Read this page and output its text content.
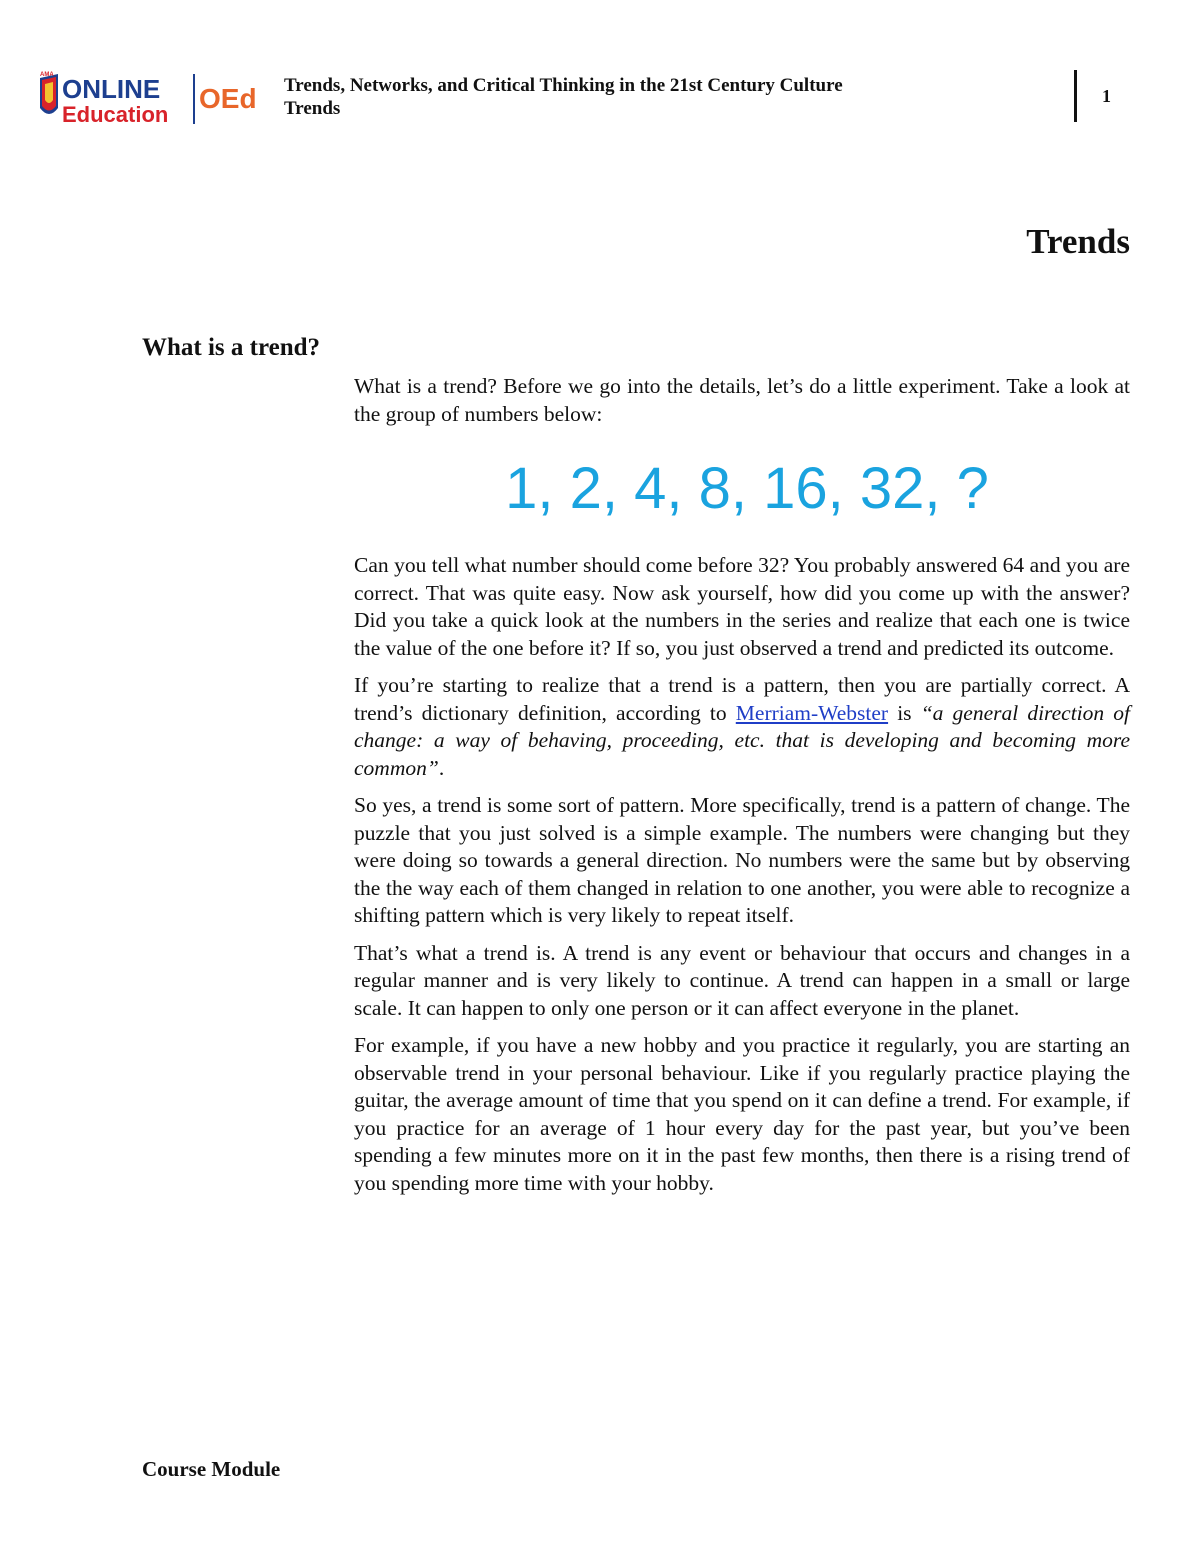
AMA ONLINE
Education
OEd Trends, Networks, and Critical Thinking in the 21st Century Culture
Trends
1
Trends
What is a trend?

What is a trend? Before we go into the details, let’s do a little experiment. Take a look at the group of numbers below:

1, 2, 4, 8, 16, 32, ?

Can you tell what number should come before 32? You probably answered 64 and you are correct. That was quite easy. Now ask yourself, how did you come up with the answer? Did you take a quick look at the numbers in the series and realize that each one is twice the value of the one before it? If so, you just observed a trend and predicted its outcome.

If you’re starting to realize that a trend is a pattern, then you are partially correct. A trend’s dictionary definition, according to Merriam-Webster is “a general direction of change: a way of behaving, proceeding, etc. that is developing and becoming more common”.

So yes, a trend is some sort of pattern. More specifically, trend is a pattern of change. The puzzle that you just solved is a simple example. The numbers were changing but they were doing so towards a general direction. No numbers were the same but by observing the the way each of them changed in relation to one another, you were able to recognize a shifting pattern which is very likely to repeat itself.

That’s what a trend is. A trend is any event or behaviour that occurs and changes in a regular manner and is very likely to continue. A trend can happen in a small or large scale. It can happen to only one person or it can affect everyone in the planet.

For example, if you have a new hobby and you practice it regularly, you are starting an observable trend in your personal behaviour. Like if you regularly practice playing the guitar, the average amount of time that you spend on it can define a trend. For example, if you practice for an average of 1 hour every day for the past year, but you’ve been spending a few minutes more on it in the past few months, then there is a rising trend of you spending more time with your hobby.

Course Module
